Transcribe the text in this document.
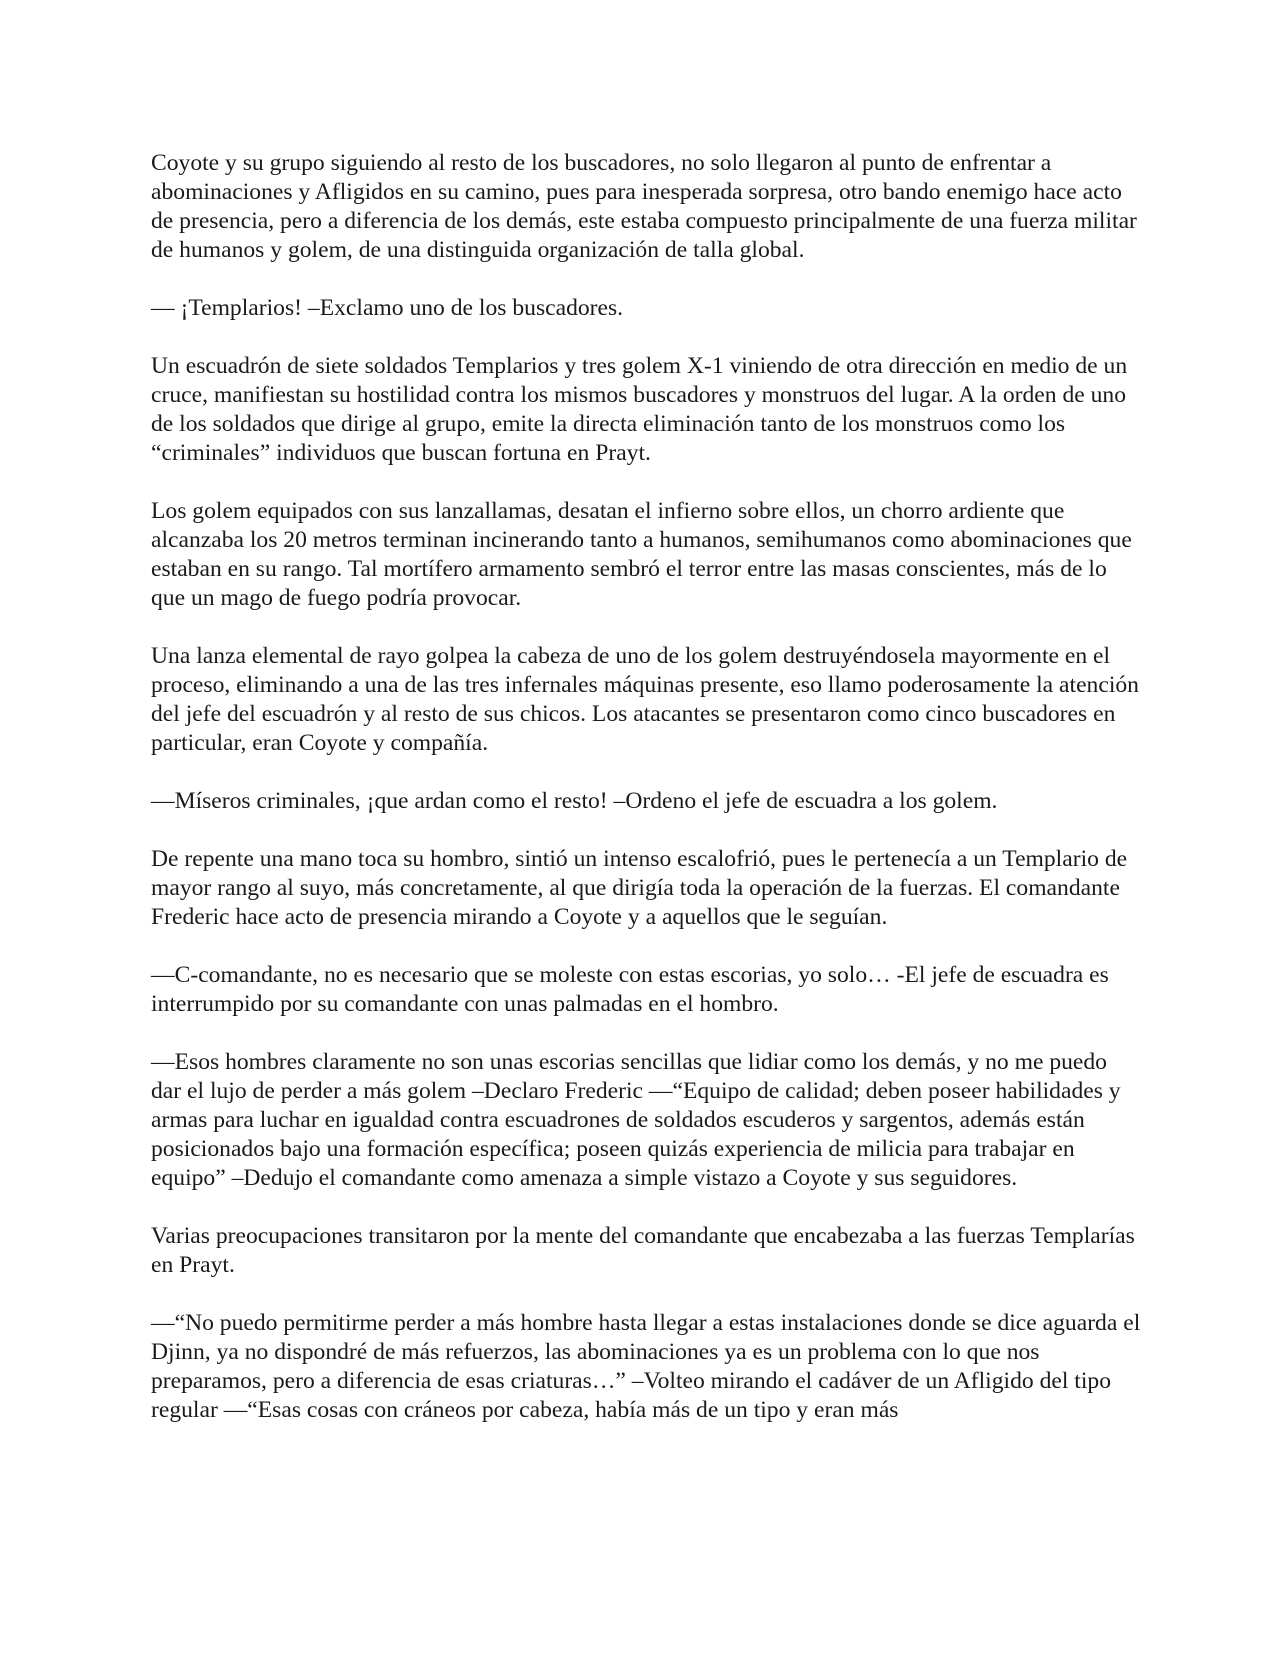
Coyote y su grupo siguiendo al resto de los buscadores, no solo llegaron al punto de enfrentar a abominaciones y Afligidos en su camino, pues para inesperada sorpresa, otro bando enemigo hace acto de presencia, pero a diferencia de los demás, este estaba compuesto principalmente de una fuerza militar de humanos y golem, de una distinguida organización de talla global.

— ¡Templarios! –Exclamo uno de los buscadores.

Un escuadrón de siete soldados Templarios y tres golem X-1 viniendo de otra dirección en medio de un cruce, manifiestan su hostilidad contra los mismos buscadores y monstruos del lugar. A la orden de uno de los soldados que dirige al grupo, emite la directa eliminación tanto de los monstruos como los “criminales” individuos que buscan fortuna en Prayt.

Los golem equipados con sus lanzallamas, desatan el infierno sobre ellos, un chorro ardiente que alcanzaba los 20 metros terminan incinerando tanto a humanos, semihumanos como abominaciones que estaban en su rango. Tal mortífero armamento sembró el terror entre las masas conscientes, más de lo que un mago de fuego podría provocar.

Una lanza elemental de rayo golpea la cabeza de uno de los golem destruyéndosela mayormente en el proceso, eliminando a una de las tres infernales máquinas presente, eso llamo poderosamente la atención del jefe del escuadrón y al resto de sus chicos. Los atacantes se presentaron como cinco buscadores en particular, eran Coyote y compañía.

—Míseros criminales, ¡que ardan como el resto! –Ordeno el jefe de escuadra a los golem.

De repente una mano toca su hombro, sintió un intenso escalofrió, pues le pertenecía a un Templario de mayor rango al suyo, más concretamente, al que dirigía toda la operación de la fuerzas. El comandante Frederic hace acto de presencia mirando a Coyote y a aquellos que le seguían.

—C-comandante, no es necesario que se moleste con estas escorias, yo solo… -El jefe de escuadra es interrumpido por su comandante con unas palmadas en el hombro.

—Esos hombres claramente no son unas escorias sencillas que lidiar como los demás, y no me puedo dar el lujo de perder a más golem –Declaro Frederic —“Equipo de calidad; deben poseer habilidades y armas para luchar en igualdad contra escuadrones de soldados escuderos y sargentos, además están posicionados bajo una formación específica; poseen quizás experiencia de milicia para trabajar en equipo” –Dedujo el comandante como amenaza a simple vistazo a Coyote y sus seguidores.

Varias preocupaciones transitaron por la mente del comandante que encabezaba a las fuerzas Templarías en Prayt.

—“No puedo permitirme perder a más hombre hasta llegar a estas instalaciones donde se dice aguarda el Djinn, ya no dispondré de más refuerzos, las abominaciones ya es un problema con lo que nos preparamos, pero a diferencia de esas criaturas…” –Volteo mirando el cadáver de un Afligido del tipo regular —“Esas cosas con cráneos por cabeza, había más de un tipo y eran más
